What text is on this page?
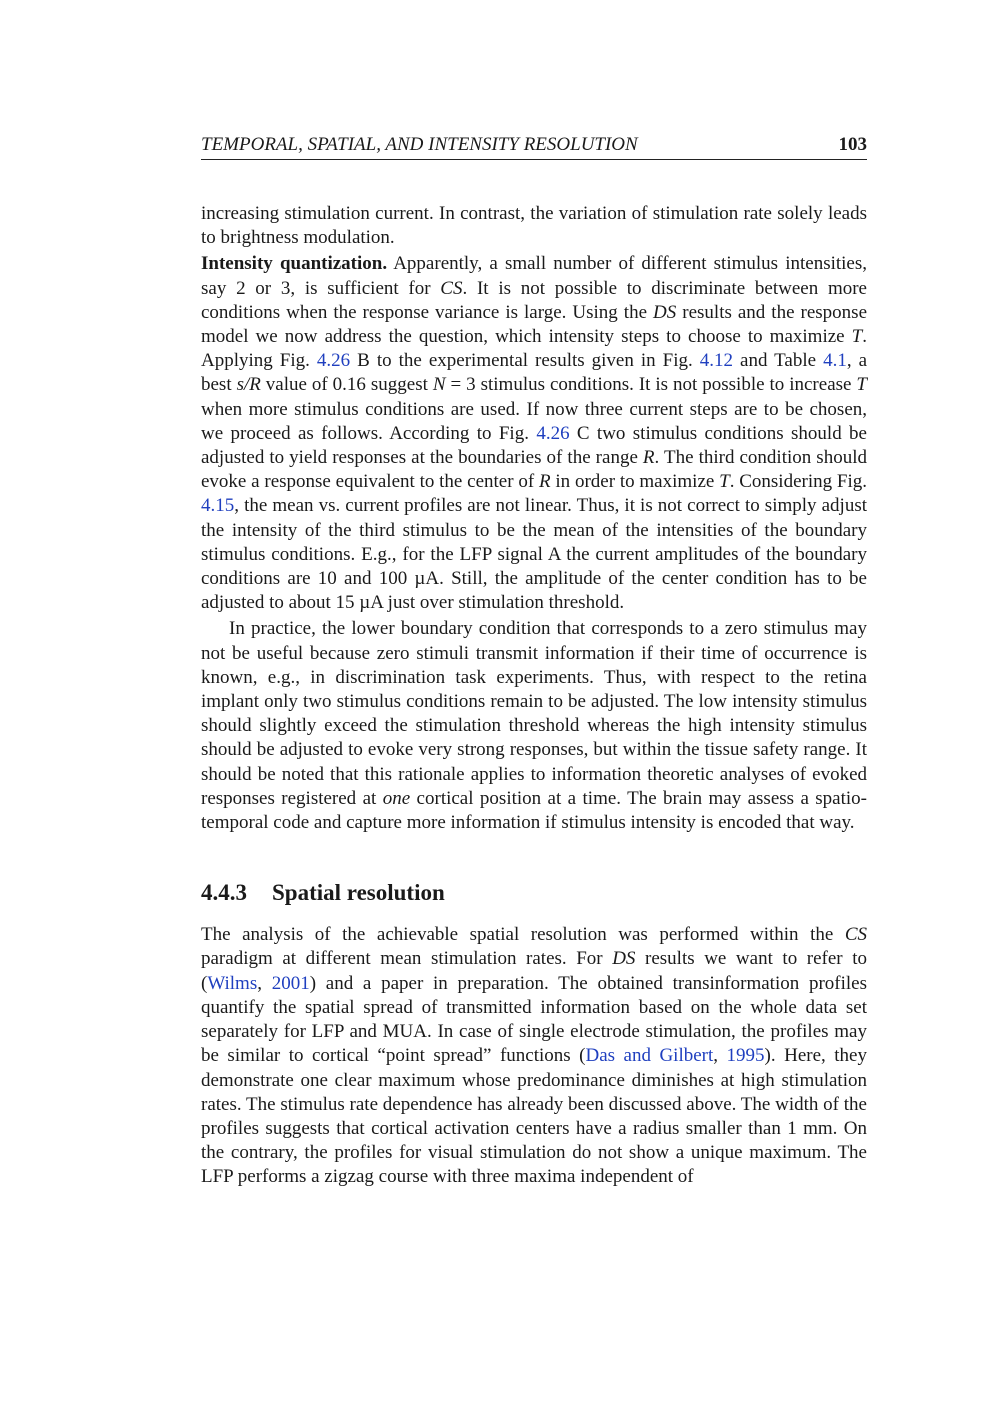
TEMPORAL, SPATIAL, AND INTENSITY RESOLUTION	103

increasing stimulation current. In contrast, the variation of stimulation rate solely leads to brightness modulation.

Intensity quantization. Apparently, a small number of different stimulus intensities, say 2 or 3, is sufficient for CS. It is not possible to discriminate between more conditions when the response variance is large. Using the DS results and the response model we now address the question, which intensity steps to choose to maximize T. Applying Fig. 4.26 B to the experimental results given in Fig. 4.12 and Table 4.1, a best s/R value of 0.16 suggest N = 3 stimulus conditions. It is not possible to increase T when more stimulus conditions are used. If now three current steps are to be chosen, we proceed as follows. According to Fig. 4.26 C two stimulus conditions should be adjusted to yield responses at the boundaries of the range R. The third condition should evoke a response equivalent to the center of R in order to maximize T. Considering Fig. 4.15, the mean vs. current profiles are not linear. Thus, it is not correct to simply adjust the intensity of the third stimulus to be the mean of the intensities of the boundary stimulus conditions. E.g., for the LFP signal A the current amplitudes of the boundary conditions are 10 and 100 µA. Still, the amplitude of the center condition has to be adjusted to about 15 µA just over stimulation threshold.

In practice, the lower boundary condition that corresponds to a zero stimulus may not be useful because zero stimuli transmit information if their time of occurrence is known, e.g., in discrimination task experiments. Thus, with respect to the retina implant only two stimulus conditions remain to be adjusted. The low intensity stimulus should slightly exceed the stimulation threshold whereas the high intensity stimulus should be adjusted to evoke very strong responses, but within the tissue safety range. It should be noted that this rationale applies to information theoretic analyses of evoked responses registered at one cortical position at a time. The brain may assess a spatio-temporal code and capture more information if stimulus intensity is encoded that way.

4.4.3 Spatial resolution

The analysis of the achievable spatial resolution was performed within the CS paradigm at different mean stimulation rates. For DS results we want to refer to (Wilms, 2001) and a paper in preparation. The obtained transinformation profiles quantify the spatial spread of transmitted information based on the whole data set separately for LFP and MUA. In case of single electrode stimulation, the profiles may be similar to cortical “point spread” functions (Das and Gilbert, 1995). Here, they demonstrate one clear maximum whose predominance diminishes at high stimulation rates. The stimulus rate dependence has already been discussed above. The width of the profiles suggests that cortical activation centers have a radius smaller than 1 mm. On the contrary, the profiles for visual stimulation do not show a unique maximum. The LFP performs a zigzag course with three maxima independent of
